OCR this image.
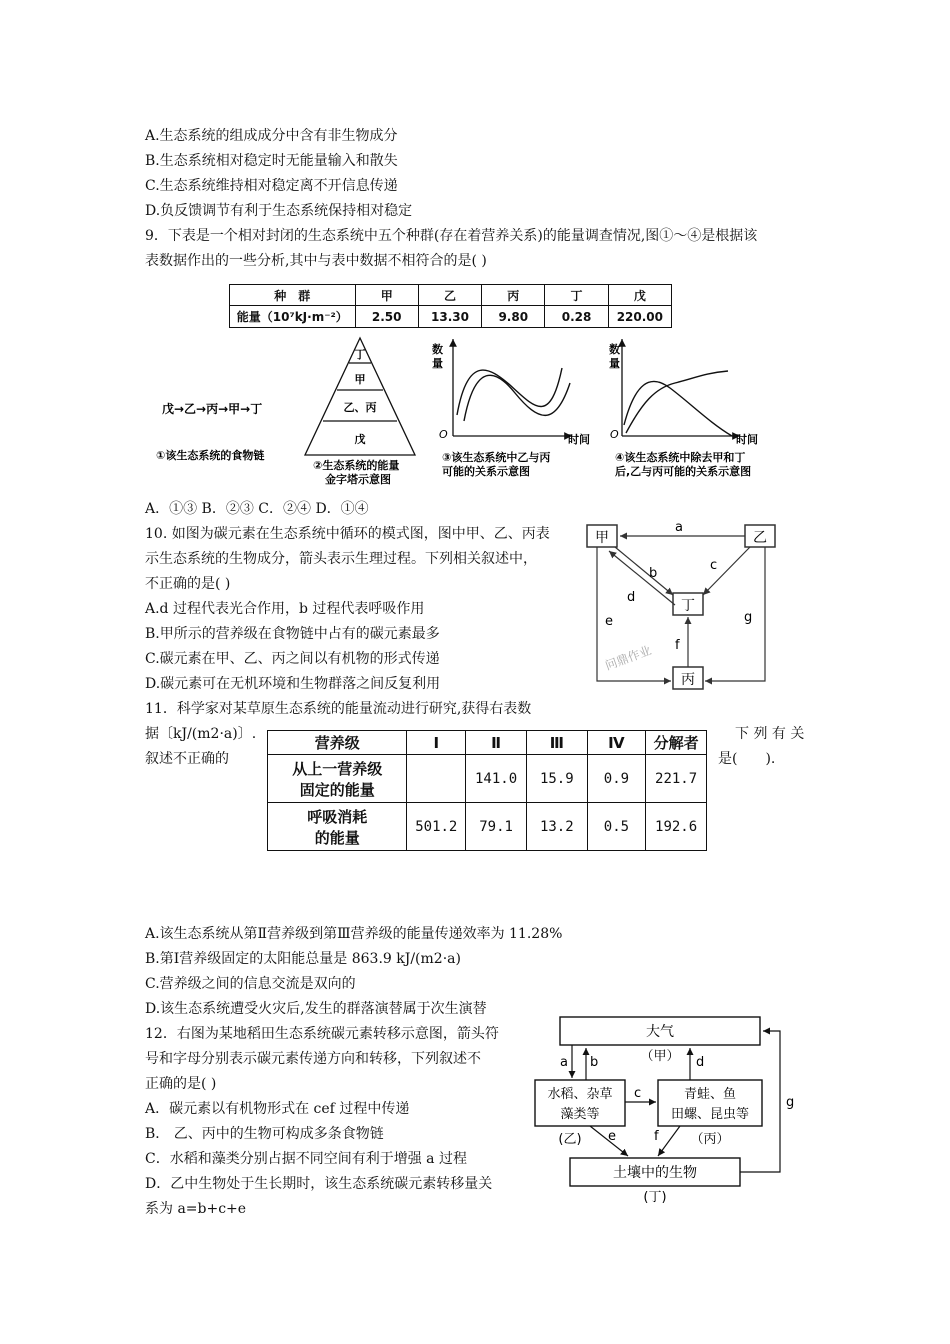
A.生态系统的组成成分中含有非生物成分
B.生态系统相对稳定时无能量输入和散失
C.生态系统维持相对稳定离不开信息传递
D.负反馈调节有利于生态系统保持相对稳定
9．下表是一个相对封闭的生态系统中五个种群(存在着营养关系)的能量调查情况,图①～④是根据该
表数据作出的一些分析,其中与表中数据不相符合的是( )
种　群	甲	乙	丙	丁	戊
能量（10⁷kJ·m⁻²）	2.50	13.30	9.80	0.28	220.00
戊→乙→丙→甲→丁
①该生态系统的食物链
丁
甲
乙、丙
戊
②生态系统的能量
金字塔示意图
数
量
O	时间
③该生态系统中乙与丙
可能的关系示意图
数
量
O	时间
④该生态系统中除去甲和丁
后,乙与丙可能的关系示意图
A．①③ B．②③ C．②④ D．①④
10. 如图为碳元素在生态系统中循环的模式图，图中甲、乙、丙表
示生态系统的生物成分，箭头表示生理过程。下列相关叙述中，
不正确的是( )
A.d 过程代表光合作用，b 过程代表呼吸作用
B.甲所示的营养级在食物链中占有的碳元素最多
C.碳元素在甲、乙、丙之间以有机物的形式传递
D.碳元素可在无机环境和生物群落之间反复利用
甲	乙
丁
丙
a
b
d
c
f
e	g
问鼎作业
11．科学家对某草原生态系统的能量流动进行研究,获得右表数
据〔kJ/(m2·a)〕.	下 列 有 关
叙述不正确的	是(　　).
营养级	Ⅰ	Ⅱ	Ⅲ	Ⅳ	分解者

从上一营养级
固定的能量		141.0	15.9	0.9	221.7

呼吸消耗
的能量	501.2	79.1	13.2	0.5	192.6
A.该生态系统从第Ⅱ营养级到第Ⅲ营养级的能量传递效率为 11.28%
B.第Ⅰ营养级固定的太阳能总量是 863.9 kJ/(m2·a)
C.营养级之间的信息交流是双向的
D.该生态系统遭受火灾后,发生的群落演替属于次生演替
12．右图为某地稻田生态系统碳元素转移示意图，箭头符
号和字母分别表示碳元素传递方向和转移，下列叙述不
正确的是( )
A．碳元素以有机物形式在 cef 过程中传递
B． 乙、丙中的生物可构成多条食物链
C．水稻和藻类分别占据不同空间有利于增强 a 过程
D．乙中生物处于生长期时，该生态系统碳元素转移量关
系为 a=b+c+e
大气
（甲）
水稻、杂草
藻类等
(乙)
青蛙、鱼
田螺、昆虫等
（丙）
土壤中的生物
(丁)
a b	d
c
e	f
g
